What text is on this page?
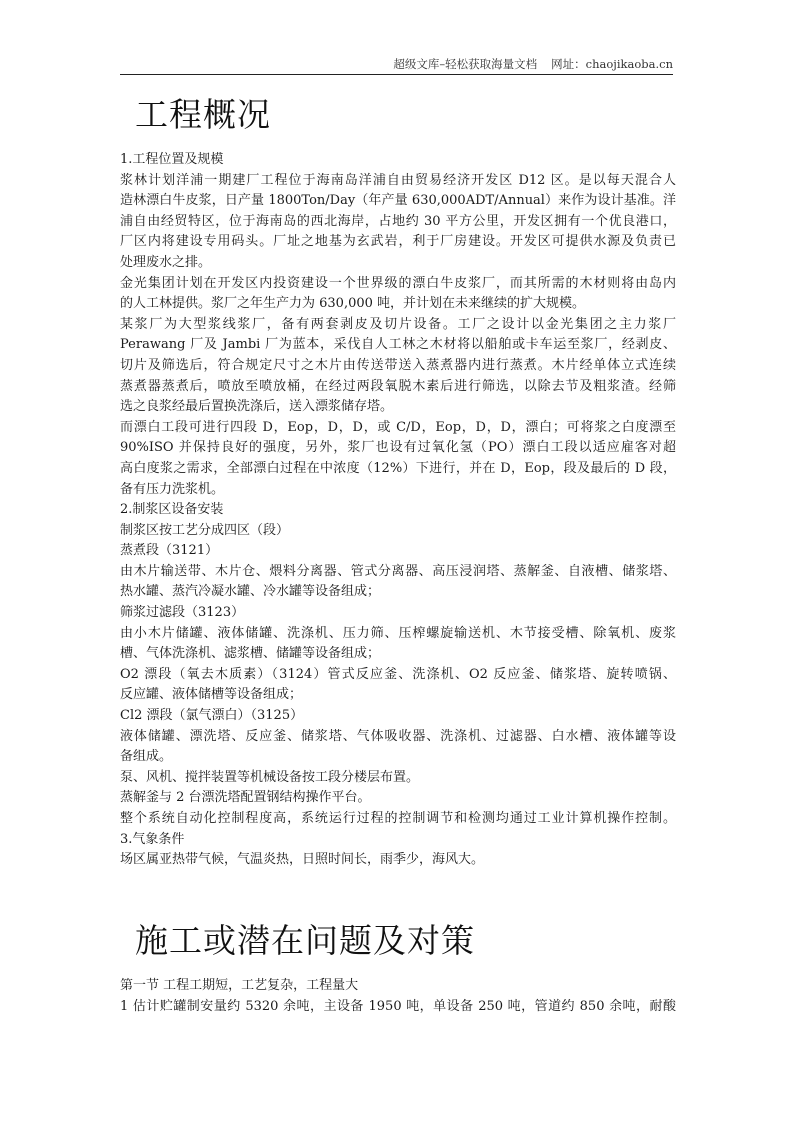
超级文库–轻松获取海量文档 网址：chaojikaoba.cn
工程概况
1.工程位置及规模
浆林计划洋浦一期建厂工程位于海南岛洋浦自由贸易经济开发区 D12 区。是以每天混合人
造林漂白牛皮浆，日产量 1800Ton/Day（年产量 630,000ADT/Annual）来作为设计基准。洋
浦自由经贸特区，位于海南岛的西北海岸，占地约 30 平方公里，开发区拥有一个优良港口，
厂区内将建设专用码头。厂址之地基为玄武岩，利于厂房建设。开发区可提供水源及负责已
处理废水之排。
金光集团计划在开发区内投资建设一个世界级的漂白牛皮浆厂，而其所需的木材则将由岛内
的人工林提供。浆厂之年生产力为 630,000 吨，并计划在未来继续的扩大规模。
某浆厂为大型浆线浆厂，备有两套剥皮及切片设备。工厂之设计以金光集团之主力浆厂
Perawang 厂及 Jambi 厂为蓝本，采伐自人工林之木材将以船舶或卡车运至浆厂，经剥皮、
切片及筛选后，符合规定尺寸之木片由传送带送入蒸煮器内进行蒸煮。木片经单体立式连续
蒸煮器蒸煮后，喷放至喷放桶，在经过两段氧脱木素后进行筛选，以除去节及粗浆渣。经筛
选之良浆经最后置换洗涤后，送入漂浆储存塔。
而漂白工段可进行四段 D，Eop，D，D，或 C/D，Eop，D，D，漂白；可将浆之白度漂至
90%ISO 并保持良好的强度，另外，浆厂也设有过氧化氢（PO）漂白工段以适应雇客对超
高白度浆之需求，全部漂白过程在中浓度（12%）下进行，并在 D，Eop，段及最后的 D 段，
备有压力洗浆机。
2.制浆区设备安装
制浆区按工艺分成四区（段）
蒸煮段（3121）
由木片输送带、木片仓、煨料分离器、管式分离器、高压浸润塔、蒸解釜、自液槽、储浆塔、
热水罐、蒸汽冷凝水罐、冷水罐等设备组成；
筛浆过滤段（3123）
由小木片储罐、液体储罐、洗涤机、压力筛、压榨螺旋输送机、木节接受槽、除氧机、废浆
槽、气体洗涤机、滤浆槽、储罐等设备组成；
O2 漂段（氧去木质素）（3124）管式反应釜、洗涤机、O2 反应釜、储浆塔、旋转喷锅、
反应罐、液体储槽等设备组成；
Cl2 漂段（氯气漂白）（3125）
液体储罐、漂洗塔、反应釜、储浆塔、气体吸收器、洗涤机、过滤器、白水槽、液体罐等设
备组成。
泵、风机、搅拌装置等机械设备按工段分楼层布置。
蒸解釜与 2 台漂洗塔配置钢结构操作平台。
整个系统自动化控制程度高，系统运行过程的控制调节和检测均通过工业计算机操作控制。
3.气象条件
场区属亚热带气候，气温炎热，日照时间长，雨季少，海风大。
施工或潜在问题及对策
第一节 工程工期短，工艺复杂，工程量大
1 估计贮罐制安量约 5320 余吨，主设备 1950 吨，单设备 250 吨，管道约 850 余吨，耐酸
